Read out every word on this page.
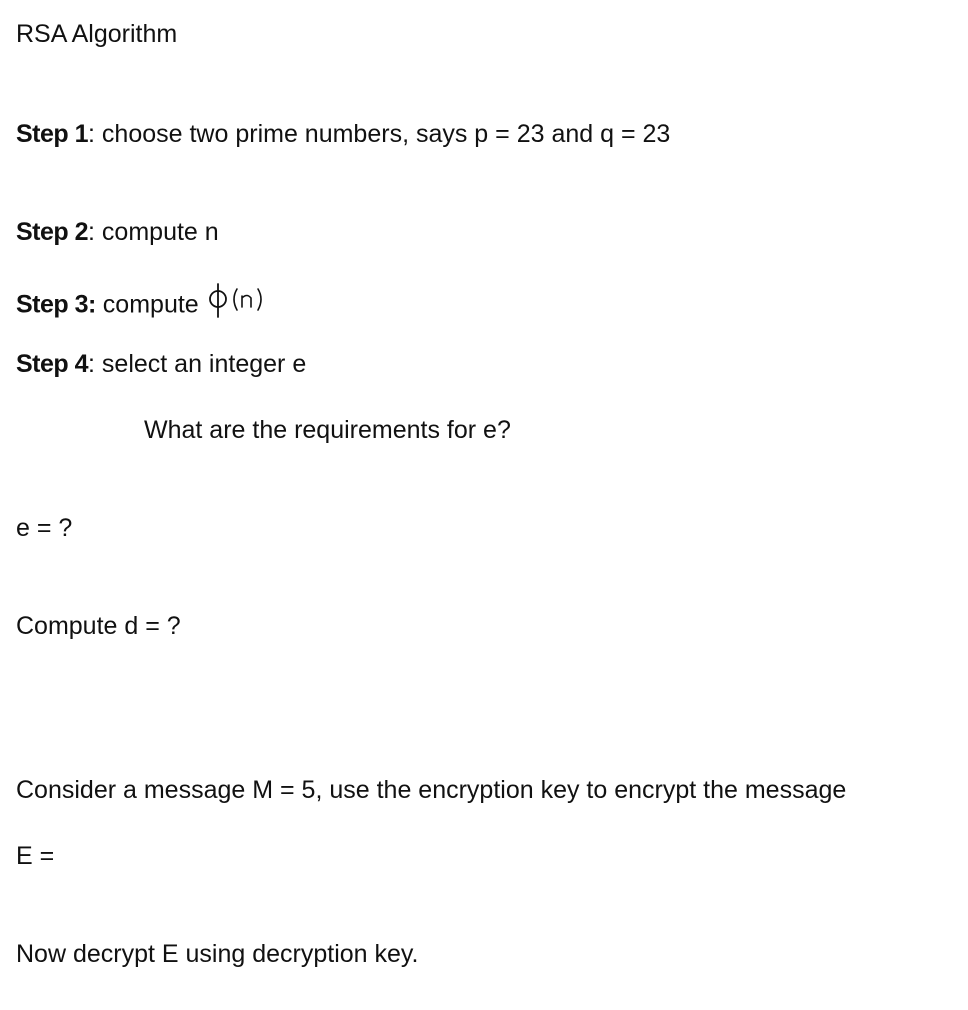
RSA Algorithm
Step 1: choose two prime numbers, says p = 23 and q = 23
Step 2: compute n
Step 3: compute
Step 4: select an integer e
What are the requirements for e?
e = ?
Compute d = ?
Consider a message M = 5, use the encryption key to encrypt the message
E =
Now decrypt E using decryption key.
